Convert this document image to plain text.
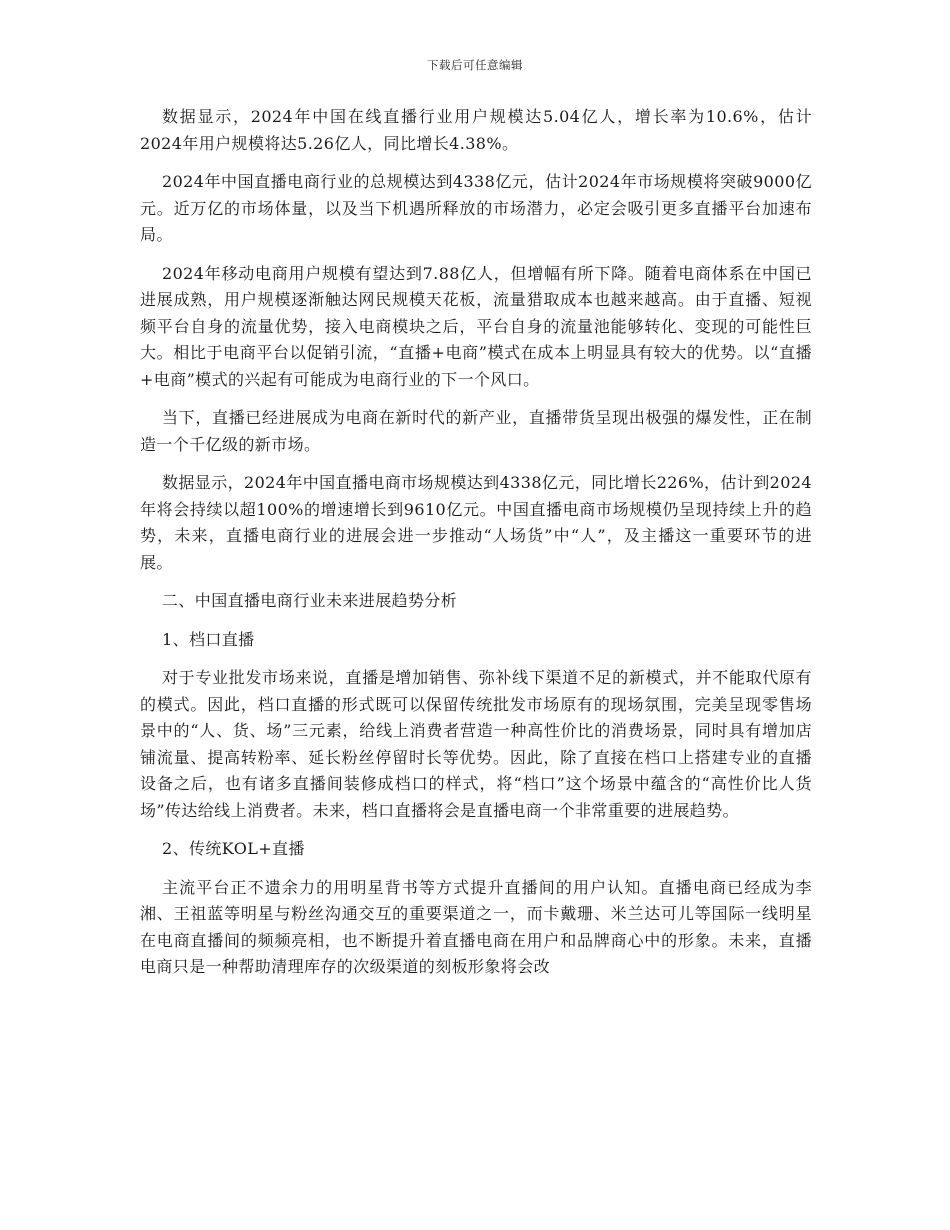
下载后可任意编辑

数据显示，2024年中国在线直播行业用户规模达5.04亿人，增长率为10.6%，估计2024年用户规模将达5.26亿人，同比增长4.38%。

2024年中国直播电商行业的总规模达到4338亿元，估计2024年市场规模将突破9000亿元。近万亿的市场体量，以及当下机遇所释放的市场潜力，必定会吸引更多直播平台加速布局。

2024年移动电商用户规模有望达到7.88亿人，但增幅有所下降。随着电商体系在中国已进展成熟，用户规模逐渐触达网民规模天花板，流量猎取成本也越来越高。由于直播、短视频平台自身的流量优势，接入电商模块之后，平台自身的流量池能够转化、变现的可能性巨大。相比于电商平台以促销引流，“直播+电商”模式在成本上明显具有较大的优势。以“直播+电商”模式的兴起有可能成为电商行业的下一个风口。

当下，直播已经进展成为电商在新时代的新产业，直播带货呈现出极强的爆发性，正在制造一个千亿级的新市场。

数据显示，2024年中国直播电商市场规模达到4338亿元，同比增长226%，估计到2024年将会持续以超100%的增速增长到9610亿元。中国直播电商市场规模仍呈现持续上升的趋势，未来，直播电商行业的进展会进一步推动“人场货”中“人”，及主播这一重要环节的进展。

二、中国直播电商行业未来进展趋势分析

1、档口直播

对于专业批发市场来说，直播是增加销售、弥补线下渠道不足的新模式，并不能取代原有的模式。因此，档口直播的形式既可以保留传统批发市场原有的现场氛围，完美呈现零售场景中的“人、货、场”三元素，给线上消费者营造一种高性价比的消费场景，同时具有增加店铺流量、提高转粉率、延长粉丝停留时长等优势。因此，除了直接在档口上搭建专业的直播设备之后，也有诸多直播间装修成档口的样式，将“档口”这个场景中蕴含的“高性价比人货场”传达给线上消费者。未来，档口直播将会是直播电商一个非常重要的进展趋势。

2、传统KOL+直播

主流平台正不遗余力的用明星背书等方式提升直播间的用户认知。直播电商已经成为李湘、王祖蓝等明星与粉丝沟通交互的重要渠道之一，而卡戴珊、米兰达可儿等国际一线明星在电商直播间的频频亮相，也不断提升着直播电商在用户和品牌商心中的形象。未来，直播电商只是一种帮助清理库存的次级渠道的刻板形象将会改
